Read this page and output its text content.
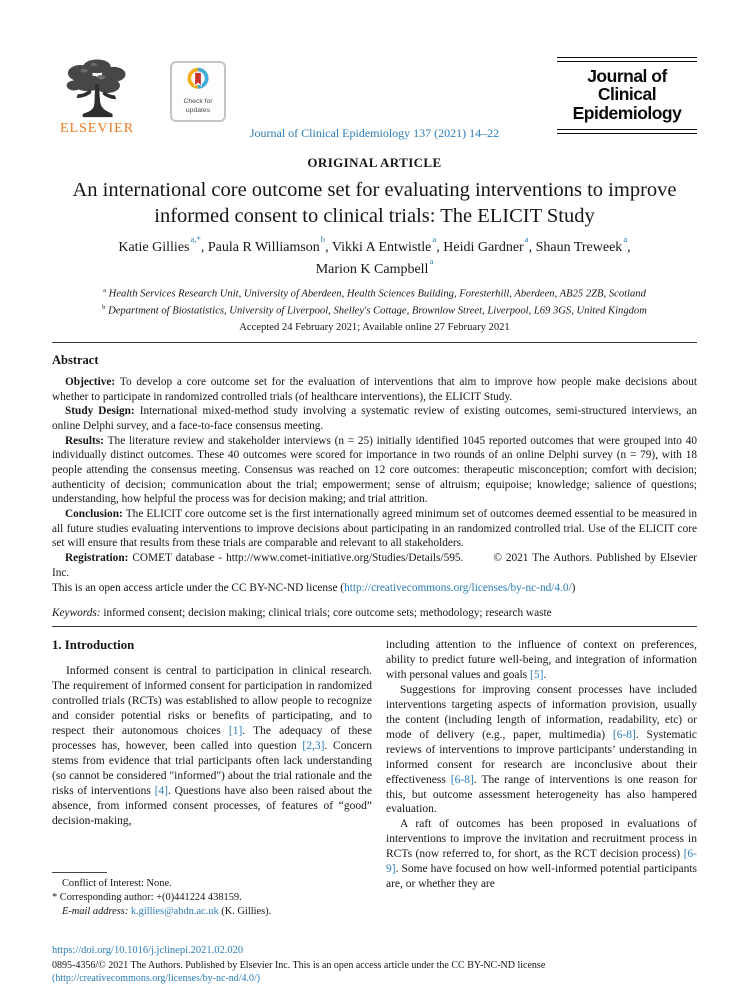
ELSEVIER
Check for
updates
Journal of
Clinical
Epidemiology
Journal of Clinical Epidemiology 137 (2021) 14–22
ORIGINAL ARTICLE
An international core outcome set for evaluating interventions to improve informed consent to clinical trials: The ELICIT Study
Katie Gillies$^{a,*}$, Paula R Williamson$^b$, Vikki A Entwistle$^a$, Heidi Gardner$^a$, Shaun Treweek$^a$,
Marion K Campbell$^a$
$^a$ Health Services Research Unit, University of Aberdeen, Health Sciences Building, Foresterhill, Aberdeen, AB25 2ZB, Scotland
$^b$ Department of Biostatistics, University of Liverpool, Shelley's Cottage, Brownlow Street, Liverpool, L69 3GS, United Kingdom
Accepted 24 February 2021; Available online 27 February 2021
Abstract

Objective: To develop a core outcome set for the evaluation of interventions that aim to improve how people make decisions about whether to participate in randomized controlled trials (of healthcare interventions), the ELICIT Study.

Study Design: International mixed-method study involving a systematic review of existing outcomes, semi-structured interviews, an online Delphi survey, and a face-to-face consensus meeting.

Results: The literature review and stakeholder interviews (n = 25) initially identified 1045 reported outcomes that were grouped into 40 individually distinct outcomes. These 40 outcomes were scored for importance in two rounds of an online Delphi survey (n = 79), with 18 people attending the consensus meeting. Consensus was reached on 12 core outcomes: therapeutic misconception; comfort with decision; authenticity of decision; communication about the trial; empowerment; sense of altruism; equipoise; knowledge; salience of questions; understanding, how helpful the process was for decision making; and trial attrition.

Conclusion: The ELICIT core outcome set is the first internationally agreed minimum set of outcomes deemed essential to be measured in all future studies evaluating interventions to improve decisions about participating in an randomized controlled trial. Use of the ELICIT core set will ensure that results from these trials are comparable and relevant to all stakeholders.

Registration: COMET database - http://www.comet-initiative.org/Studies/Details/595.	© 2021 The Authors. Published by Elsevier Inc.

This is an open access article under the CC BY-NC-ND license (http://creativecommons.org/licenses/by-nc-nd/4.0/)

Keywords: informed consent; decision making; clinical trials; core outcome sets; methodology; research waste
1. Introduction

Informed consent is central to participation in clinical research. The requirement of informed consent for participation in randomized controlled trials (RCTs) was established to allow people to recognize and consider potential risks or benefits of participating, and to respect their autonomous choices [1]. The adequacy of these processes has, however, been called into question [2,3]. Concern stems from evidence that trial participants often lack understanding (so cannot be considered "informed") about the trial rationale and the risks of interventions [4]. Questions have also been raised about the absence, from informed consent processes, of features of “good” decision-making,

Conflict of Interest: None.
* Corresponding author: +(0)441224 438159.
E-mail address: k.gillies@abdn.ac.uk (K. Gillies).

including attention to the influence of context on preferences, ability to predict future well-being, and integration of information with personal values and goals [5].

Suggestions for improving consent processes have included interventions targeting aspects of information provision, usually the content (including length of information, readability, etc) or mode of delivery (e.g., paper, multimedia) [6-8]. Systematic reviews of interventions to improve participants’ understanding in informed consent for research are inconclusive about their effectiveness [6-8]. The range of interventions is one reason for this, but outcome assessment heterogeneity has also hampered evaluation.

A raft of outcomes has been proposed in evaluations of interventions to improve the invitation and recruitment process in RCTs (now referred to, for short, as the RCT decision process) [6-9]. Some have focused on how well-informed potential participants are, or whether they are

https://doi.org/10.1016/j.jclinepi.2021.02.020
0895-4356/© 2021 The Authors. Published by Elsevier Inc. This is an open access article under the CC BY-NC-ND license
(http://creativecommons.org/licenses/by-nc-nd/4.0/)
